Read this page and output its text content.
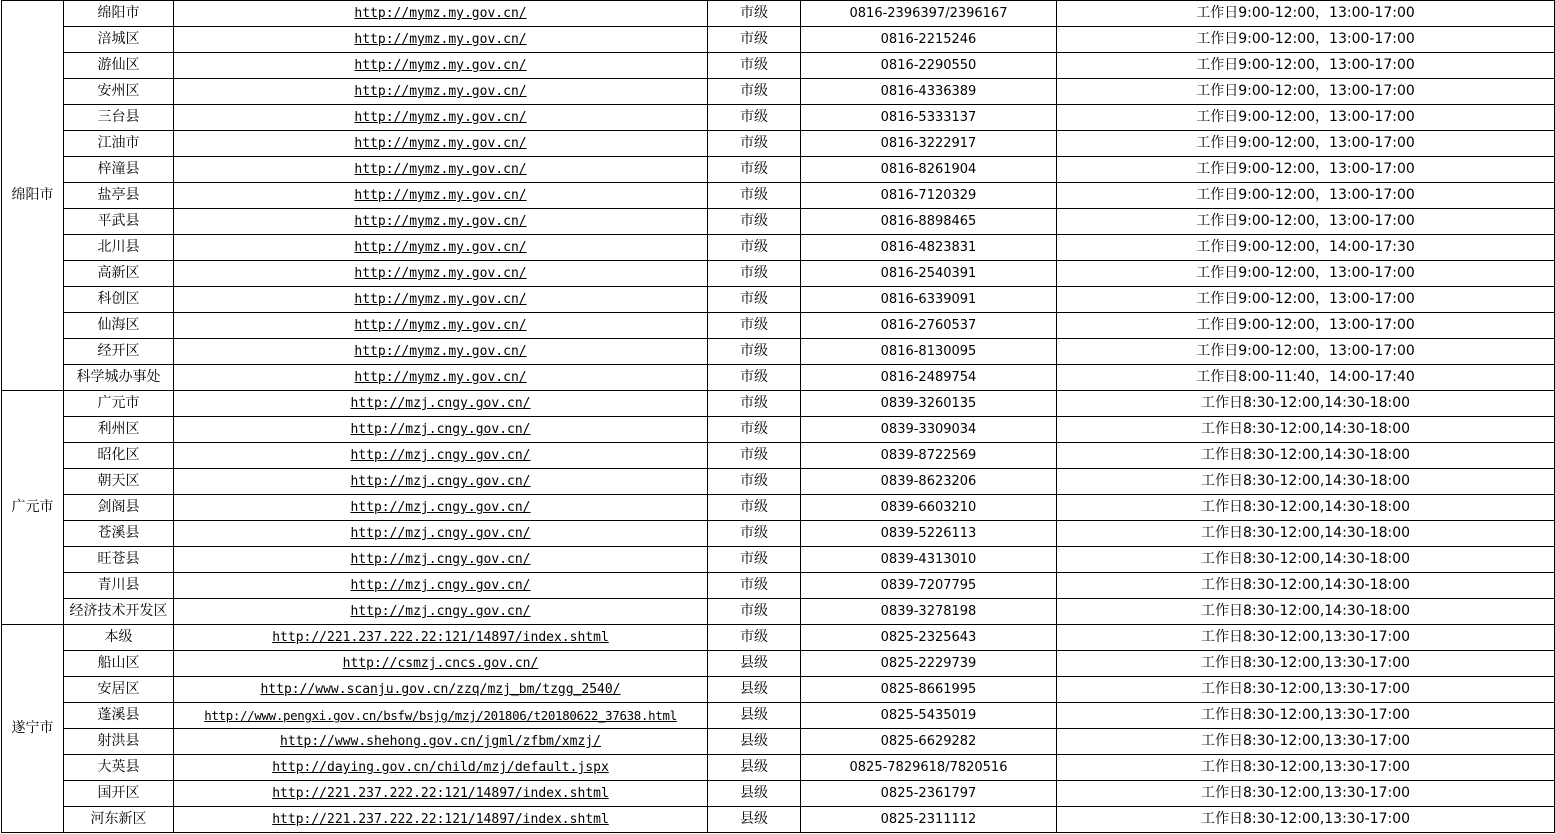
绵阳市	绵阳市	http://mymz.my.gov.cn/	市级	0816-2396397/2396167	工作日9:00-12:00，13:00-17:00
	涪城区	http://mymz.my.gov.cn/	市级	0816-2215246	工作日9:00-12:00，13:00-17:00
	游仙区	http://mymz.my.gov.cn/	市级	0816-2290550	工作日9:00-12:00，13:00-17:00
	安州区	http://mymz.my.gov.cn/	市级	0816-4336389	工作日9:00-12:00，13:00-17:00
	三台县	http://mymz.my.gov.cn/	市级	0816-5333137	工作日9:00-12:00，13:00-17:00
	江油市	http://mymz.my.gov.cn/	市级	0816-3222917	工作日9:00-12:00，13:00-17:00
	梓潼县	http://mymz.my.gov.cn/	市级	0816-8261904	工作日9:00-12:00，13:00-17:00
	盐亭县	http://mymz.my.gov.cn/	市级	0816-7120329	工作日9:00-12:00，13:00-17:00
	平武县	http://mymz.my.gov.cn/	市级	0816-8898465	工作日9:00-12:00，13:00-17:00
	北川县	http://mymz.my.gov.cn/	市级	0816-4823831	工作日9:00-12:00，14:00-17:30
	高新区	http://mymz.my.gov.cn/	市级	0816-2540391	工作日9:00-12:00，13:00-17:00
	科创区	http://mymz.my.gov.cn/	市级	0816-6339091	工作日9:00-12:00，13:00-17:00
	仙海区	http://mymz.my.gov.cn/	市级	0816-2760537	工作日9:00-12:00，13:00-17:00
	经开区	http://mymz.my.gov.cn/	市级	0816-8130095	工作日9:00-12:00，13:00-17:00
	科学城办事处	http://mymz.my.gov.cn/	市级	0816-2489754	工作日8:00-11:40，14:00-17:40
广元市	广元市	http://mzj.cngy.gov.cn/	市级	0839-3260135	工作日8:30-12:00,14:30-18:00
	利州区	http://mzj.cngy.gov.cn/	市级	0839-3309034	工作日8:30-12:00,14:30-18:00
	昭化区	http://mzj.cngy.gov.cn/	市级	0839-8722569	工作日8:30-12:00,14:30-18:00
	朝天区	http://mzj.cngy.gov.cn/	市级	0839-8623206	工作日8:30-12:00,14:30-18:00
	剑阁县	http://mzj.cngy.gov.cn/	市级	0839-6603210	工作日8:30-12:00,14:30-18:00
	苍溪县	http://mzj.cngy.gov.cn/	市级	0839-5226113	工作日8:30-12:00,14:30-18:00
	旺苍县	http://mzj.cngy.gov.cn/	市级	0839-4313010	工作日8:30-12:00,14:30-18:00
	青川县	http://mzj.cngy.gov.cn/	市级	0839-7207795	工作日8:30-12:00,14:30-18:00
	经济技术开发区	http://mzj.cngy.gov.cn/	市级	0839-3278198	工作日8:30-12:00,14:30-18:00
遂宁市	本级	http://221.237.222.22:121/14897/index.shtml	市级	0825-2325643	工作日8:30-12:00,13:30-17:00
	船山区	http://csmzj.cncs.gov.cn/	县级	0825-2229739	工作日8:30-12:00,13:30-17:00
	安居区	http://www.scanju.gov.cn/zzq/mzj_bm/tzgg_2540/	县级	0825-8661995	工作日8:30-12:00,13:30-17:00
	蓬溪县	http://www.pengxi.gov.cn/bsfw/bsjg/mzj/201806/t20180622_37638.html	县级	0825-5435019	工作日8:30-12:00,13:30-17:00
	射洪县	http://www.shehong.gov.cn/jgml/zfbm/xmzj/	县级	0825-6629282	工作日8:30-12:00,13:30-17:00
	大英县	http://daying.gov.cn/child/mzj/default.jspx	县级	0825-7829618/7820516	工作日8:30-12:00,13:30-17:00
	国开区	http://221.237.222.22:121/14897/index.shtml	县级	0825-2361797	工作日8:30-12:00,13:30-17:00
	河东新区	http://221.237.222.22:121/14897/index.shtml	县级	0825-2311112	工作日8:30-12:00,13:30-17:00
